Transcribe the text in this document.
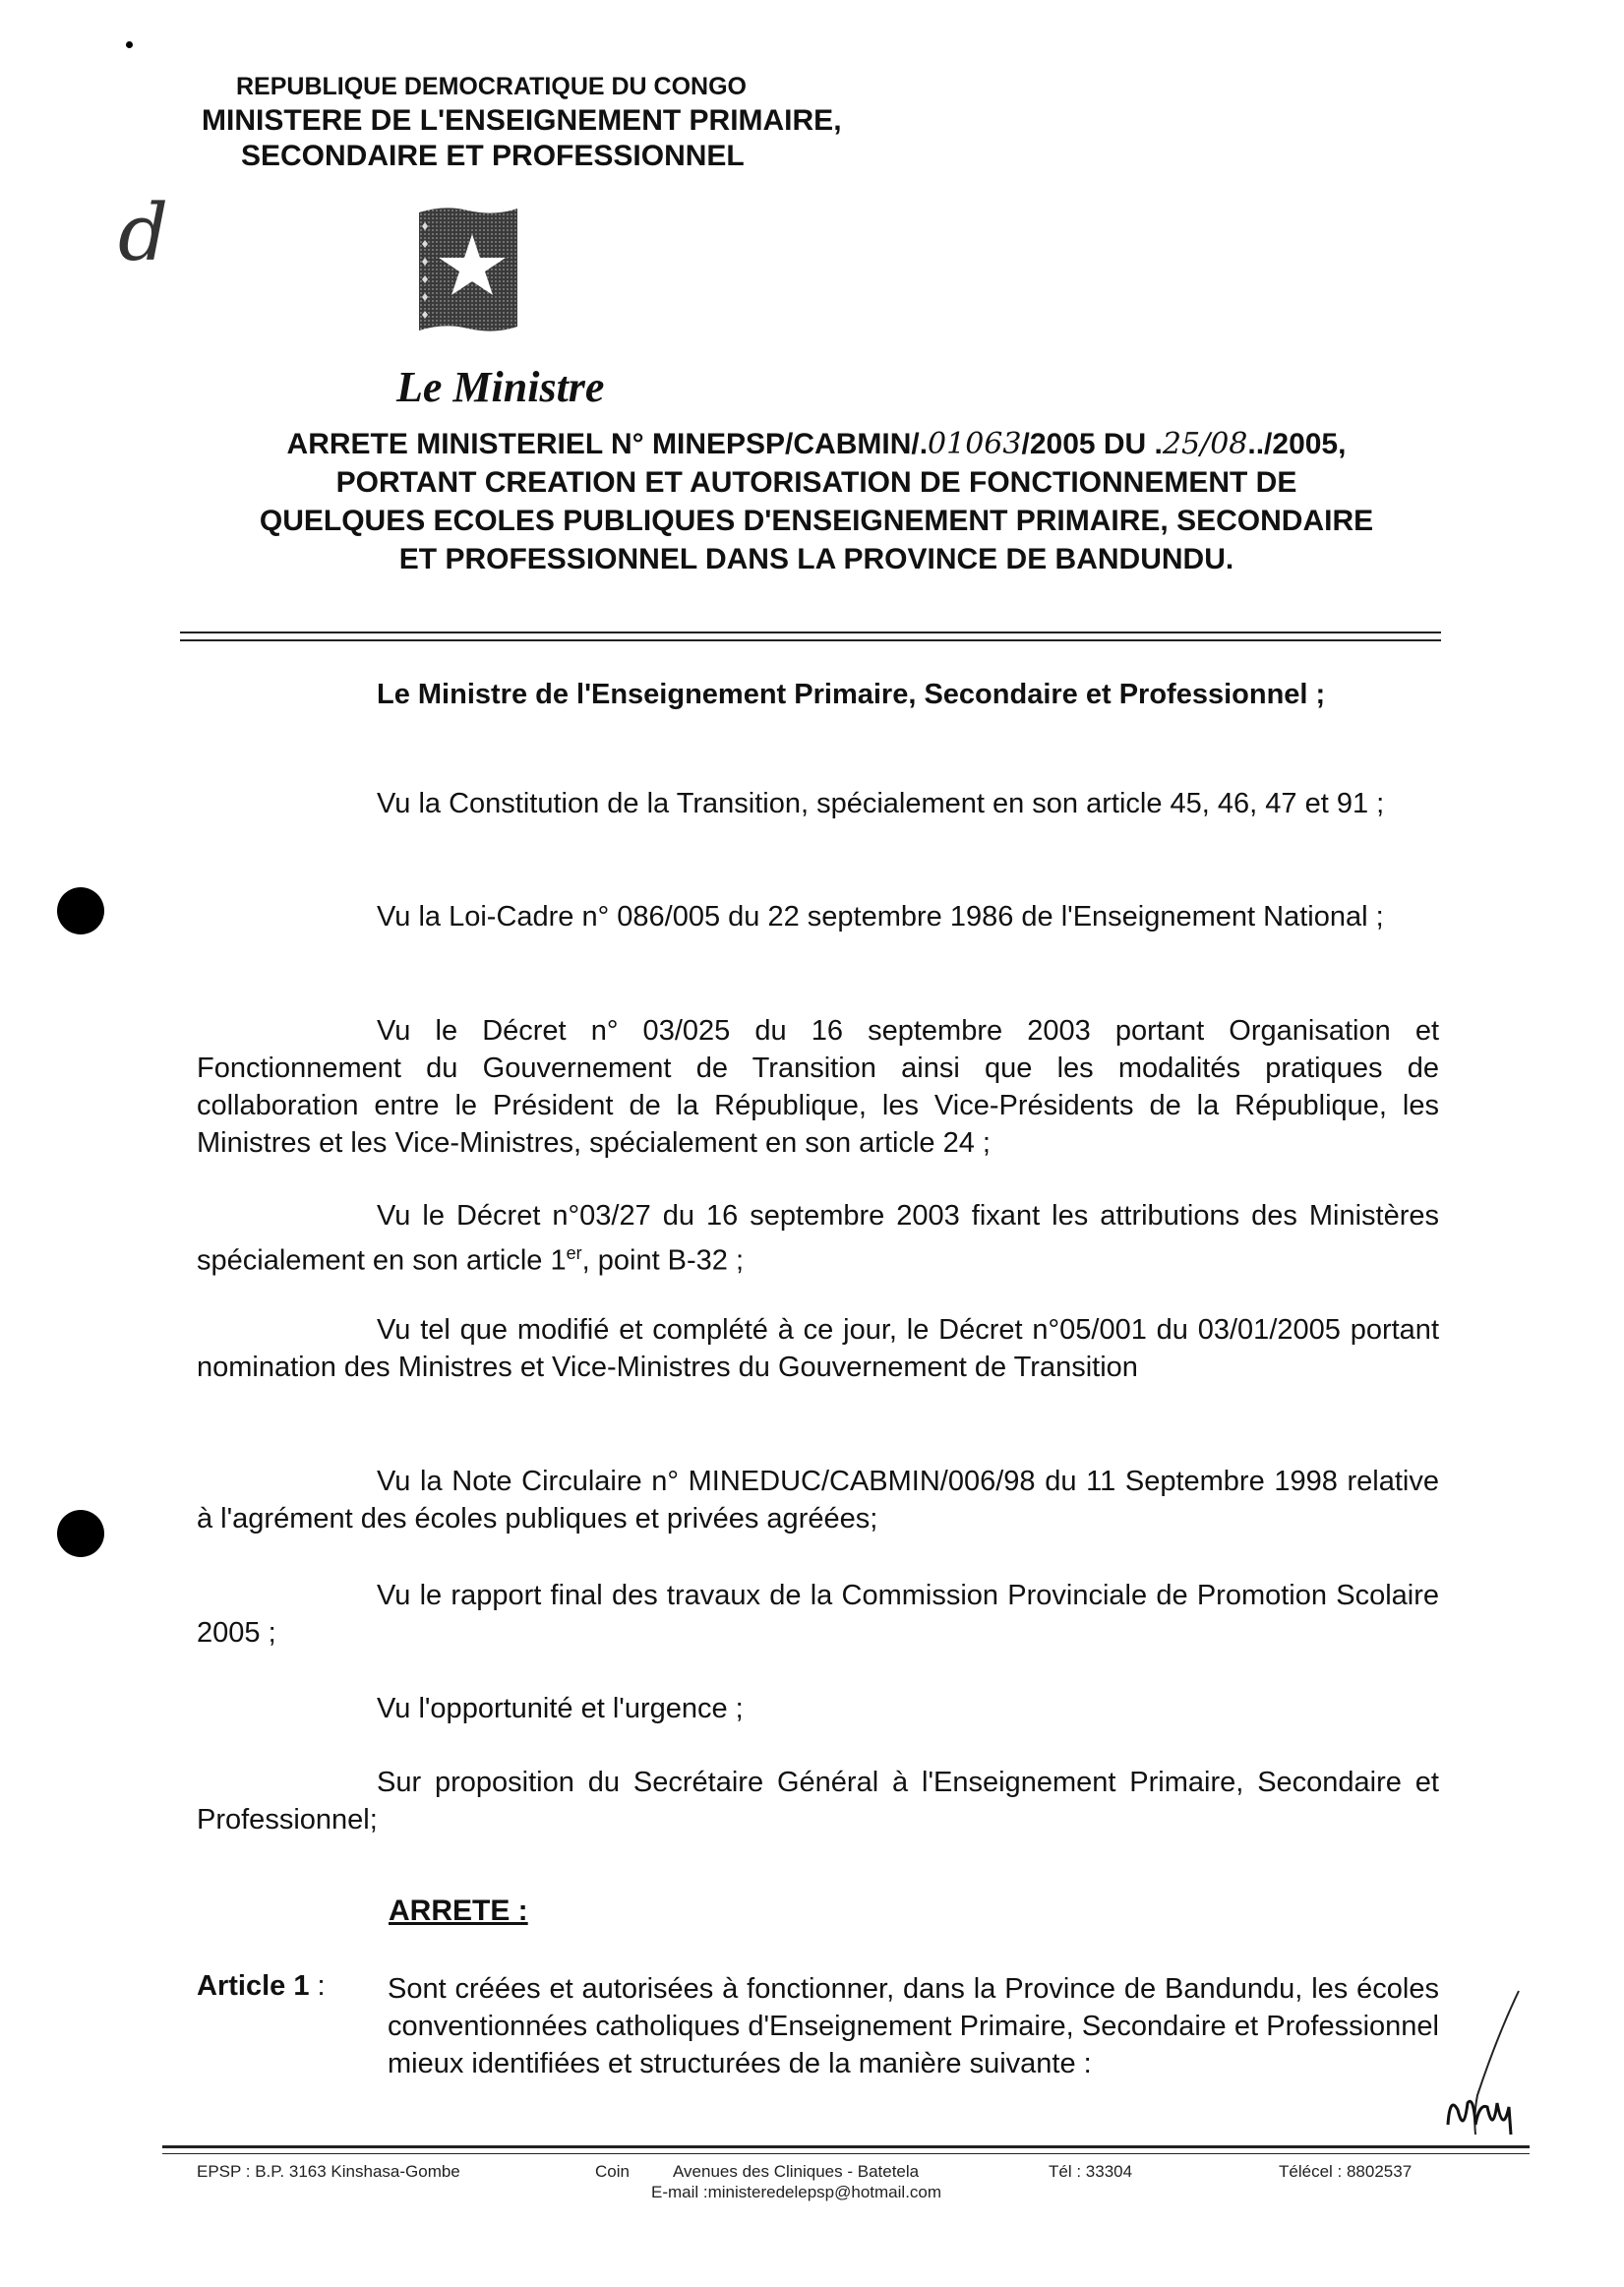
REPUBLIQUE DEMOCRATIQUE DU CONGO
MINISTERE DE L'ENSEIGNEMENT PRIMAIRE,
SECONDAIRE ET PROFESSIONNEL
d
Le Ministre
ARRETE MINISTERIEL N° MINEPSP/CABMIN/.01063/2005 DU .25/08../2005,
PORTANT CREATION ET AUTORISATION DE FONCTIONNEMENT DE
QUELQUES ECOLES PUBLIQUES D'ENSEIGNEMENT PRIMAIRE, SECONDAIRE
ET PROFESSIONNEL DANS LA PROVINCE DE BANDUNDU.
Le Ministre de l'Enseignement Primaire, Secondaire et Professionnel ;
Vu la Constitution de la Transition, spécialement en son article 45, 46, 47 et 91 ;
Vu la Loi-Cadre n° 086/005 du 22 septembre 1986 de l'Enseignement National ;
Vu le Décret n° 03/025 du 16 septembre 2003 portant Organisation et Fonctionnement du Gouvernement de Transition ainsi que les modalités pratiques de collaboration entre le Président de la République, les Vice-Présidents de la République, les Ministres et les Vice-Ministres, spécialement en son article 24 ;
Vu le Décret n°03/27 du 16 septembre 2003 fixant les attributions des Ministères spécialement en son article 1er, point B-32 ;
Vu tel que modifié et complété à ce jour, le Décret n°05/001 du 03/01/2005 portant nomination des Ministres et Vice-Ministres du Gouvernement de Transition
Vu la Note Circulaire n° MINEDUC/CABMIN/006/98 du 11 Septembre 1998 relative à l'agrément des écoles publiques et privées agréées;
Vu le rapport final des travaux de la Commission Provinciale de Promotion Scolaire 2005 ;
Vu l'opportunité et l'urgence ;
Sur proposition du Secrétaire Général à l'Enseignement Primaire, Secondaire et Professionnel;
ARRETE :
Article 1 : Sont créées et autorisées à fonctionner, dans la Province de Bandundu, les écoles conventionnées catholiques d'Enseignement Primaire, Secondaire et Professionnel mieux identifiées et structurées de la manière suivante :
EPSP : B.P. 3163 Kinshasa-Gombe	Coin	Avenues des Cliniques - Batetela	Tél : 33304	Télécel : 8802537
E-mail :ministeredelepsp@hotmail.com
